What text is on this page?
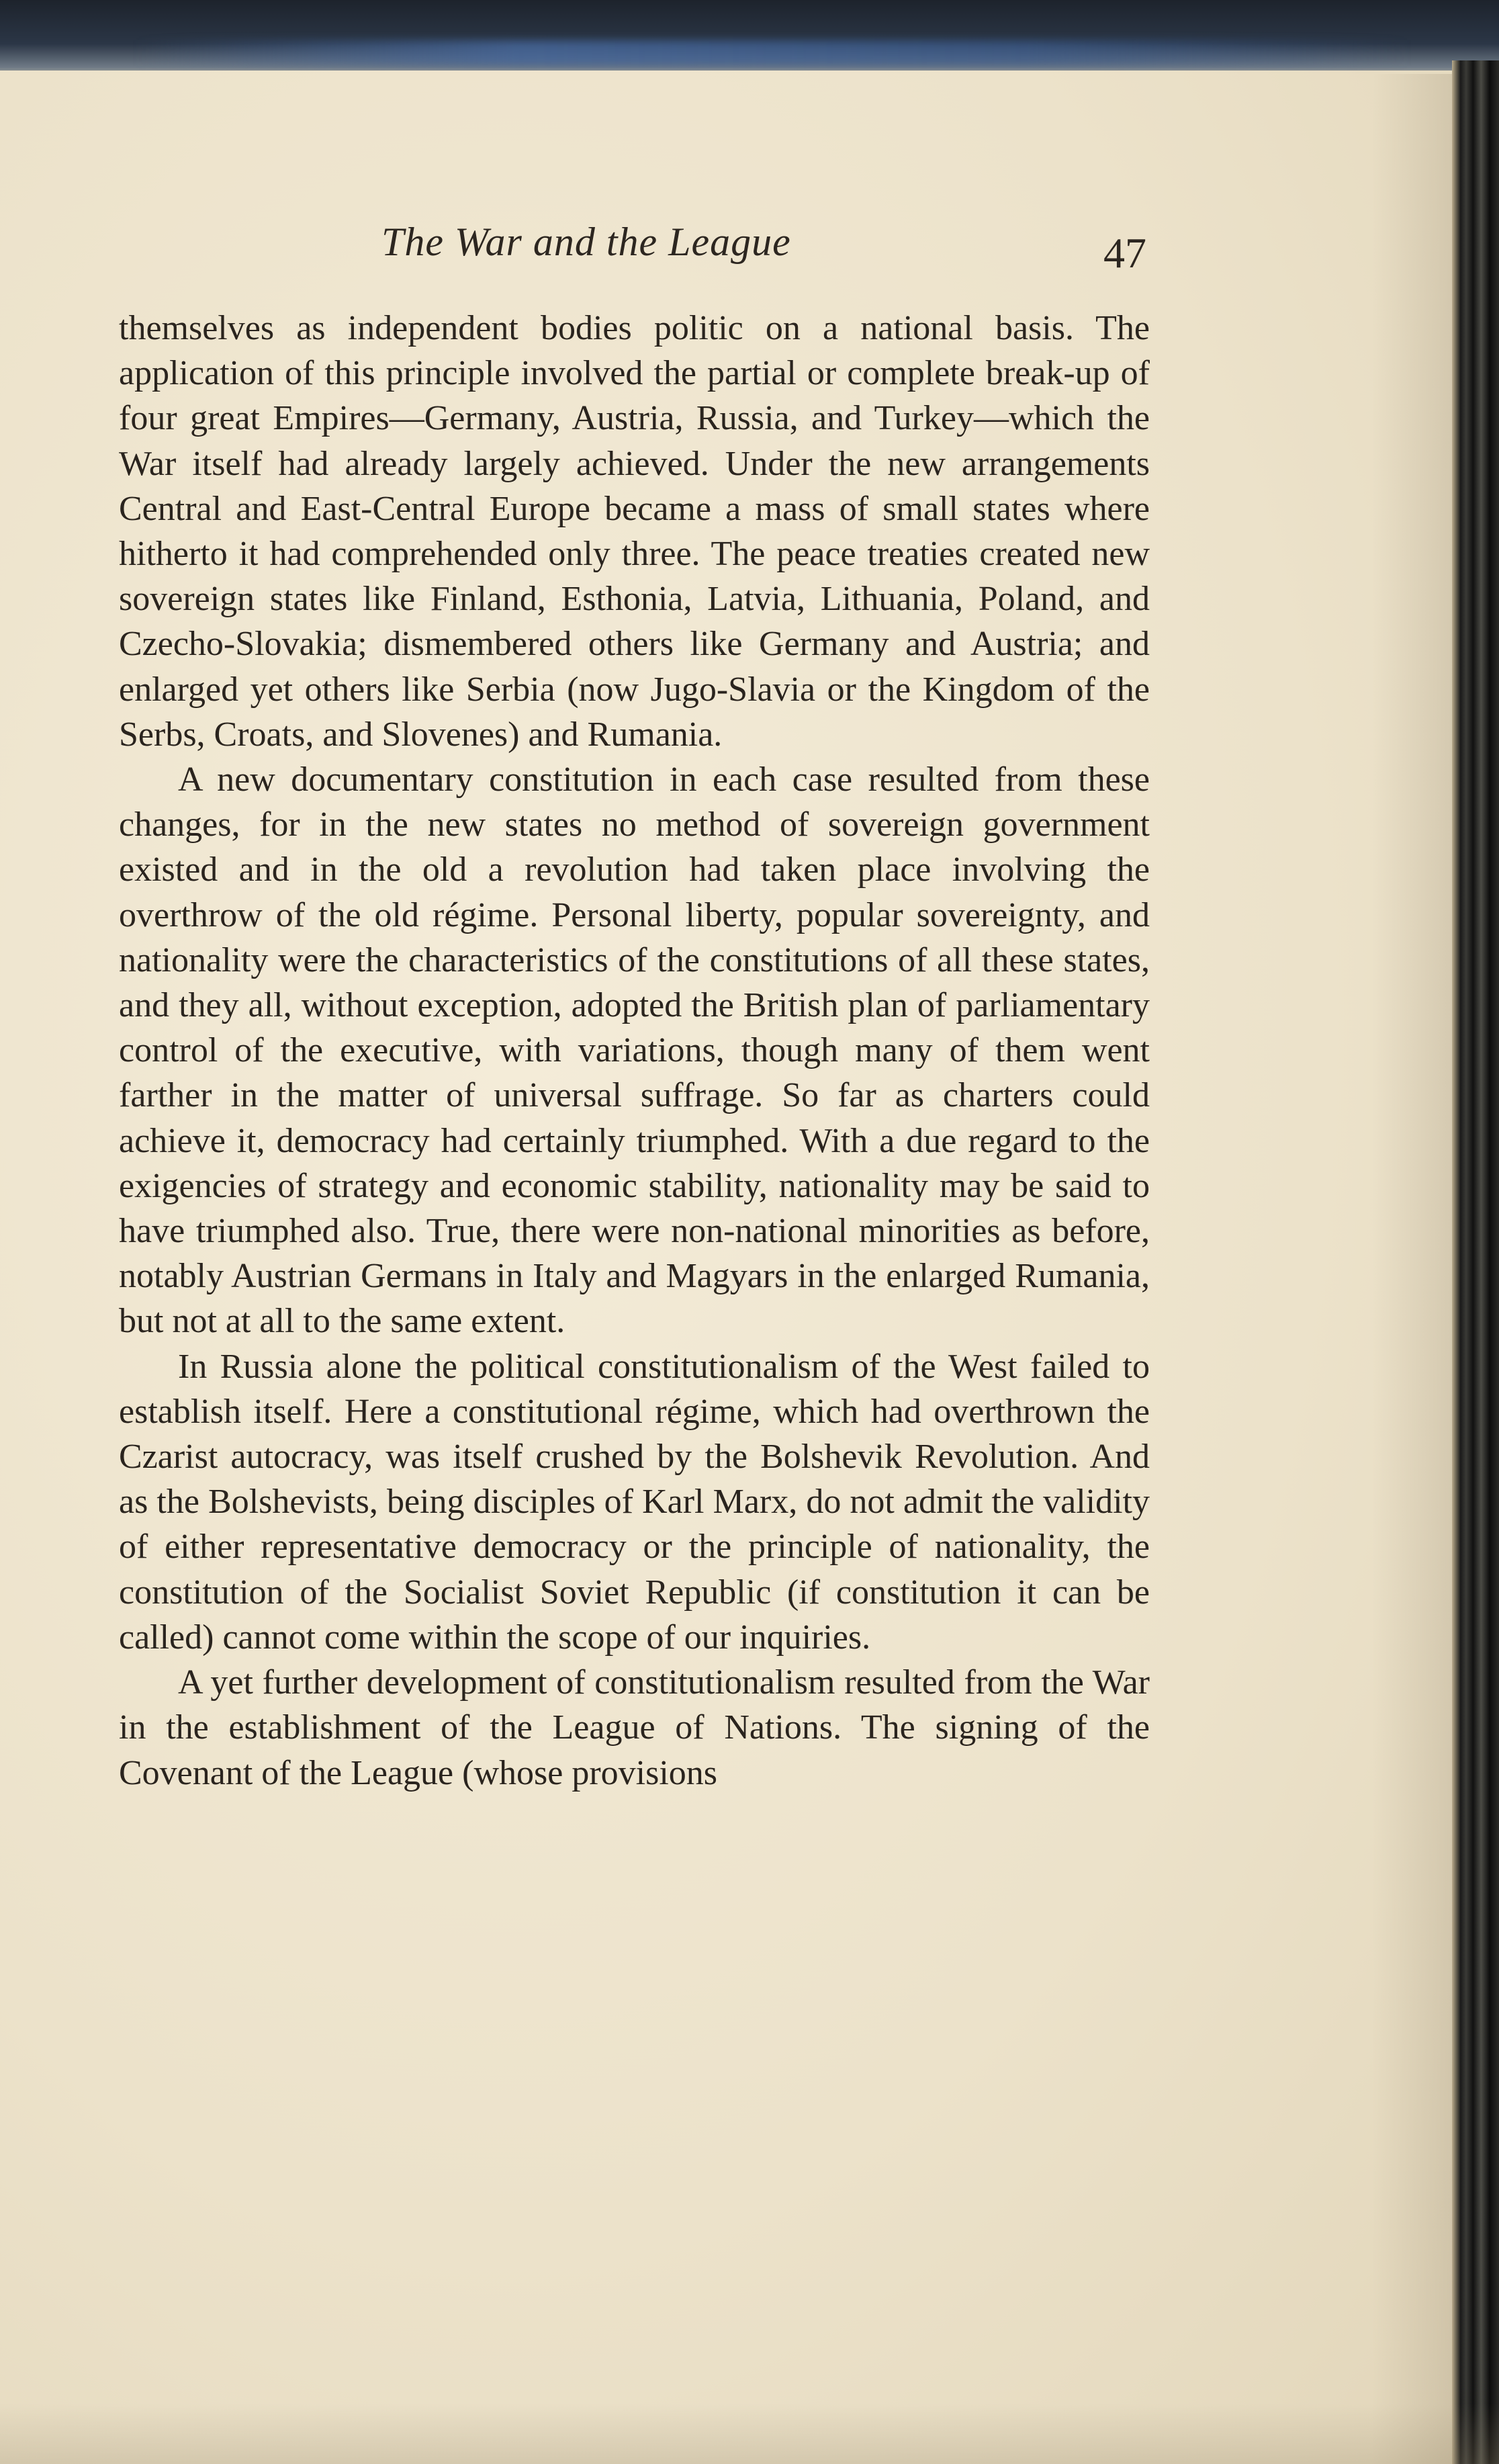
The War and the League	47

themselves as independent bodies politic on a national basis. The application of this principle involved the partial or complete break-up of four great Empires—Germany, Austria, Russia, and Turkey—which the War itself had already largely achieved. Under the new arrangements Central and East-Central Europe became a mass of small states where hitherto it had comprehended only three. The peace treaties created new sovereign states like Finland, Esthonia, Latvia, Lithuania, Poland, and Czecho-Slovakia; dismembered others like Germany and Austria; and enlarged yet others like Serbia (now Jugo-Slavia or the Kingdom of the Serbs, Croats, and Slovenes) and Rumania.

A new documentary constitution in each case resulted from these changes, for in the new states no method of sovereign government existed and in the old a revolution had taken place involving the overthrow of the old régime. Personal liberty, popular sovereignty, and nationality were the characteristics of the constitutions of all these states, and they all, without exception, adopted the British plan of parliamentary control of the executive, with variations, though many of them went farther in the matter of universal suffrage. So far as charters could achieve it, democracy had certainly triumphed. With a due regard to the exigencies of strategy and economic stability, nationality may be said to have triumphed also. True, there were non-national minorities as before, notably Austrian Germans in Italy and Magyars in the enlarged Rumania, but not at all to the same extent.

In Russia alone the political constitutionalism of the West failed to establish itself. Here a constitutional régime, which had overthrown the Czarist autocracy, was itself crushed by the Bolshevik Revolution. And as the Bolshevists, being disciples of Karl Marx, do not admit the validity of either representative democracy or the principle of nationality, the constitution of the Socialist Soviet Republic (if constitution it can be called) cannot come within the scope of our inquiries.

A yet further development of constitutionalism resulted from the War in the establishment of the League of Nations. The signing of the Covenant of the League (whose provisions
